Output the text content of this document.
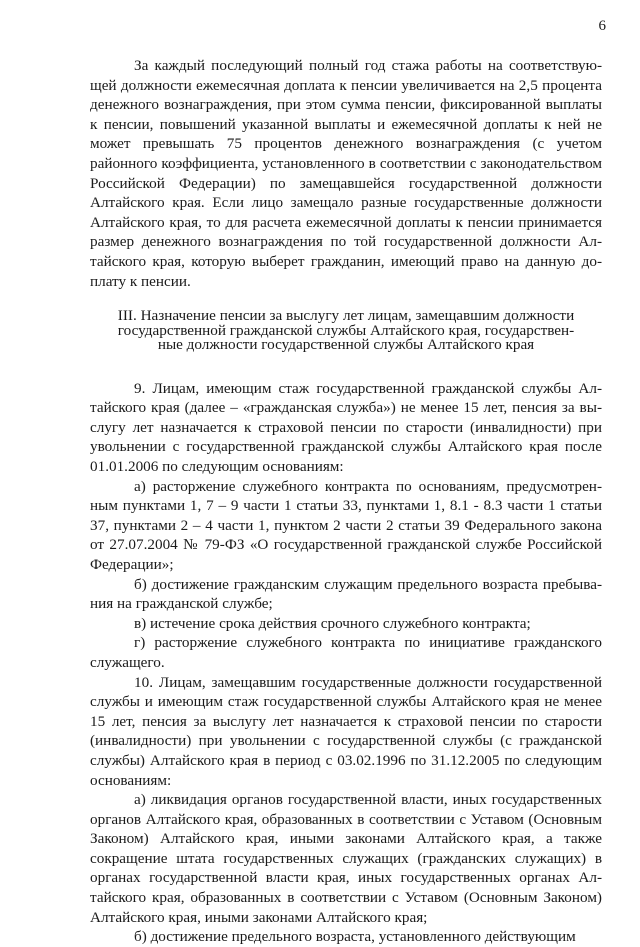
6

За каждый последующий полный год стажа работы на соответствующей должности ежемесячная доплата к пенсии увеличивается на 2,5 процента денежного вознаграждения, при этом сумма пенсии, фиксированной выплаты к пенсии, повышений указанной выплаты и ежемесячной доплаты к ней не может превышать 75 процентов денежного вознаграждения (с учетом районного коэффициента, установленного в соответствии с законодательством Российской Федерации) по замещавшейся государственной должности Алтайского края. Если лицо замещало разные государственные должности Алтайского края, то для расчета ежемесячной доплаты к пенсии принимается размер денежного вознаграждения по той государственной должности Алтайского края, которую выберет гражданин, имеющий право на данную доплату к пенсии.

III. Назначение пенсии за выслугу лет лицам, замещавшим должности
государственной гражданской службы Алтайского края, государствен-
ные должности государственной службы Алтайского края

9. Лицам, имеющим стаж государственной гражданской службы Алтайского края (далее – «гражданская служба») не менее 15 лет, пенсия за выслугу лет назначается к страховой пенсии по старости (инвалидности) при увольнении с государственной гражданской службы Алтайского края после 01.01.2006 по следующим основаниям:

а) расторжение служебного контракта по основаниям, предусмотренным пунктами 1, 7 – 9 части 1 статьи 33, пунктами 1, 8.1 - 8.3 части 1 статьи 37, пунктами 2 – 4 части 1, пунктом 2 части 2 статьи 39 Федерального закона от 27.07.2004 № 79-ФЗ «О государственной гражданской службе Российской Федерации»;

б) достижение гражданским служащим предельного возраста пребывания на гражданской службе;

в) истечение срока действия срочного служебного контракта;

г) расторжение служебного контракта по инициативе гражданского служащего.

10. Лицам, замещавшим государственные должности государственной службы и имеющим стаж государственной службы Алтайского края не менее 15 лет, пенсия за выслугу лет назначается к страховой пенсии по старости (инвалидности) при увольнении с государственной службы (с гражданской службы) Алтайского края в период с 03.02.1996 по 31.12.2005 по следующим основаниям:

а) ликвидация органов государственной власти, иных государственных органов Алтайского края, образованных в соответствии с Уставом (Основным Законом) Алтайского края, иными законами Алтайского края, а также сокращение штата государственных служащих (гражданских служащих) в органах государственной власти края, иных государственных органах Алтайского края, образованных в соответствии с Уставом (Основным Законом) Алтайского края, иными законами Алтайского края;

б) достижение предельного возраста, установленного действующим
